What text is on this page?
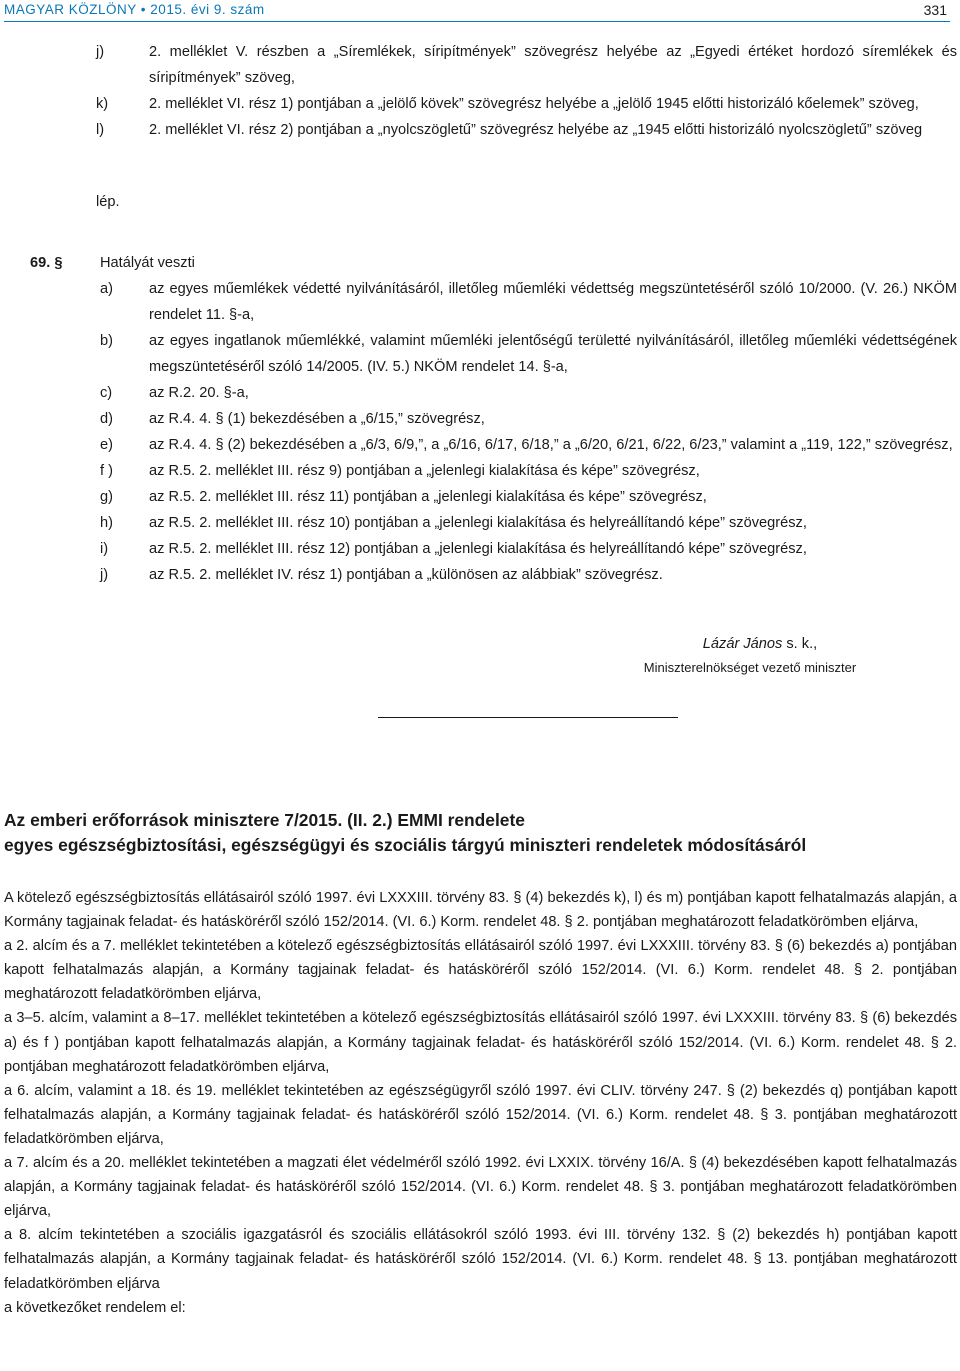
MAGYAR KÖZLÖNY • 2015. évi 9. szám	331
j)	2. melléklet V. részben a „Síremlékek, síripítmények” szövegrész helyébe az „Egyedi értéket hordozó síremlékek és síripítmények” szöveg,
k)	2. melléklet VI. rész 1) pontjában a „jelölő kövek” szövegrész helyébe a „jelölő 1945 előtti historizáló kőelemek” szöveg,
l)	2. melléklet VI. rész 2) pontjában a „nyolcszögletű” szövegrész helyébe az „1945 előtti historizáló nyolcszögletű” szöveg
lép.
69. §	Hatályát veszti
a) az egyes műemlékek védetté nyilvánításáról, illetőleg műemléki védettség megszüntetéséről szóló 10/2000. (V. 26.) NKÖM rendelet 11. §-a,
b) az egyes ingatlanok műemlékké, valamint műemléki jelentőségű területté nyilvánításáról, illetőleg műemléki védettségének megszüntetéséről szóló 14/2005. (IV. 5.) NKÖM rendelet 14. §-a,
c)	az R.2. 20. §-a,
d) az R.4. 4. § (1) bekezdésében a „6/15,” szövegrész,
e) az R.4. 4. § (2) bekezdésében a „6/3, 6/9,”, a „6/16, 6/17, 6/18,” a „6/20, 6/21, 6/22, 6/23,” valamint a „119, 122,” szövegrész,
f ) az R.5. 2. melléklet III. rész 9) pontjában a „jelenlegi kialakítása és képe” szövegrész,
g) az R.5. 2. melléklet III. rész 11) pontjában a „jelenlegi kialakítása és képe” szövegrész,
h) az R.5. 2. melléklet III. rész 10) pontjában a „jelenlegi kialakítása és helyreállítandó képe” szövegrész,
i)	az R.5. 2. melléklet III. rész 12) pontjában a „jelenlegi kialakítása és helyreállítandó képe” szövegrész,
j)	az R.5. 2. melléklet IV. rész 1) pontjában a „különösen az alábbiak” szövegrész.
Lázár János s. k.,
Miniszterelnökséget vezető miniszter
Az emberi erőforrások minisztere 7/2015. (II. 2.) EMMI rendelete
egyes egészségbiztosítási, egészségügyi és szociális tárgyú miniszteri rendeletek módosításáról

A kötelező egészségbiztosítás ellátásairól szóló 1997. évi LXXXIII. törvény 83. § (4) bekezdés k), l) és m) pontjában kapott felhatalmazás alapján, a Kormány tagjainak feladat- és hatásköréről szóló 152/2014. (VI. 6.) Korm. rendelet 48. § 2. pontjában meghatározott feladatkörömben eljárva,

a 2. alcím és a 7. melléklet tekintetében a kötelező egészségbiztosítás ellátásairól szóló 1997. évi LXXXIII. törvény 83. § (6) bekezdés a) pontjában kapott felhatalmazás alapján, a Kormány tagjainak feladat- és hatásköréről szóló 152/2014. (VI. 6.) Korm. rendelet 48. § 2. pontjában meghatározott feladatkörömben eljárva,

a 3–5. alcím, valamint a 8–17. melléklet tekintetében a kötelező egészségbiztosítás ellátásairól szóló 1997. évi LXXXIII. törvény 83. § (6) bekezdés a) és f ) pontjában kapott felhatalmazás alapján, a Kormány tagjainak feladat- és hatásköréről szóló 152/2014. (VI. 6.) Korm. rendelet 48. § 2. pontjában meghatározott feladatkörömben eljárva,

a 6. alcím, valamint a 18. és 19. melléklet tekintetében az egészségügyről szóló 1997. évi CLIV. törvény 247. § (2) bekezdés q) pontjában kapott felhatalmazás alapján, a Kormány tagjainak feladat- és hatásköréről szóló 152/2014. (VI. 6.) Korm. rendelet 48. § 3. pontjában meghatározott feladatkörömben eljárva,

a 7. alcím és a 20. melléklet tekintetében a magzati élet védelméről szóló 1992. évi LXXIX. törvény 16/A. § (4) bekezdésében kapott felhatalmazás alapján, a Kormány tagjainak feladat- és hatásköréről szóló 152/2014. (VI. 6.) Korm. rendelet 48. § 3. pontjában meghatározott feladatkörömben eljárva,

a 8. alcím tekintetében a szociális igazgatásról és szociális ellátásokról szóló 1993. évi III. törvény 132. § (2) bekezdés h) pontjában kapott felhatalmazás alapján, a Kormány tagjainak feladat- és hatásköréről szóló 152/2014. (VI. 6.) Korm. rendelet 48. § 13. pontjában meghatározott feladatkörömben eljárva

a következőket rendelem el:
